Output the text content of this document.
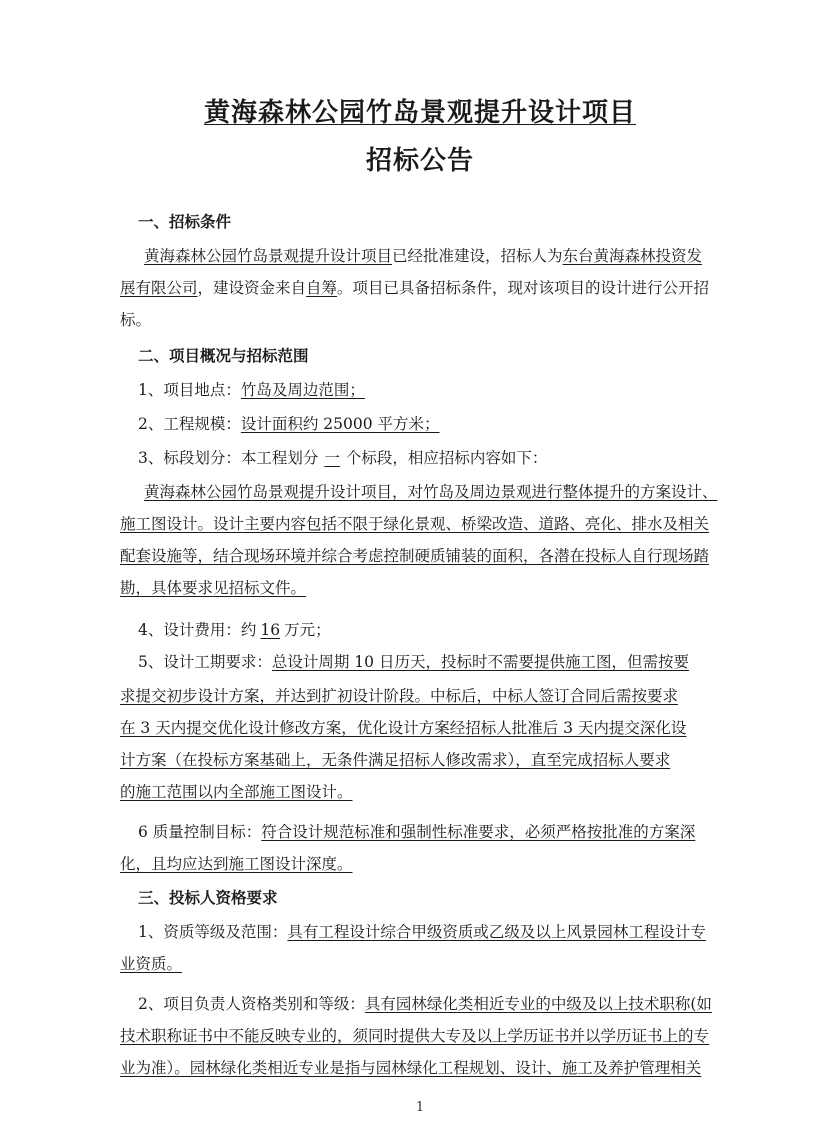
黄海森林公园竹岛景观提升设计项目
招标公告
一、招标条件
黄海森林公园竹岛景观提升设计项目已经批准建设，招标人为东台黄海森林投资发
展有限公司，建设资金来自自筹。项目已具备招标条件，现对该项目的设计进行公开招
标。
二、项目概况与招标范围
1、项目地点：竹岛及周边范围；
2、工程规模：设计面积约 25000 平方米；
3、标段划分：本工程划分 一 个标段，相应招标内容如下：
黄海森林公园竹岛景观提升设计项目，对竹岛及周边景观进行整体提升的方案设计、
施工图设计。设计主要内容包括不限于绿化景观、桥梁改造、道路、亮化、排水及相关
配套设施等，结合现场环境并综合考虑控制硬质铺装的面积，各潜在投标人自行现场踏
勘，具体要求见招标文件。
4、设计费用：约 16 万元；
5、设计工期要求：总设计周期 10 日历天，投标时不需要提供施工图，但需按要
求提交初步设计方案，并达到扩初设计阶段。中标后，中标人签订合同后需按要求
在 3 天内提交优化设计修改方案，优化设计方案经招标人批准后 3 天内提交深化设
计方案（在投标方案基础上，无条件满足招标人修改需求），直至完成招标人要求
的施工范围以内全部施工图设计。
6 质量控制目标：符合设计规范标准和强制性标准要求，必须严格按批准的方案深
化，且均应达到施工图设计深度。
三、投标人资格要求
1、资质等级及范围：具有工程设计综合甲级资质或乙级及以上风景园林工程设计专
业资质。
2、项目负责人资格类别和等级：具有园林绿化类相近专业的中级及以上技术职称(如
技术职称证书中不能反映专业的，须同时提供大专及以上学历证书并以学历证书上的专
业为准）。园林绿化类相近专业是指与园林绿化工程规划、设计、施工及养护管理相关
1
